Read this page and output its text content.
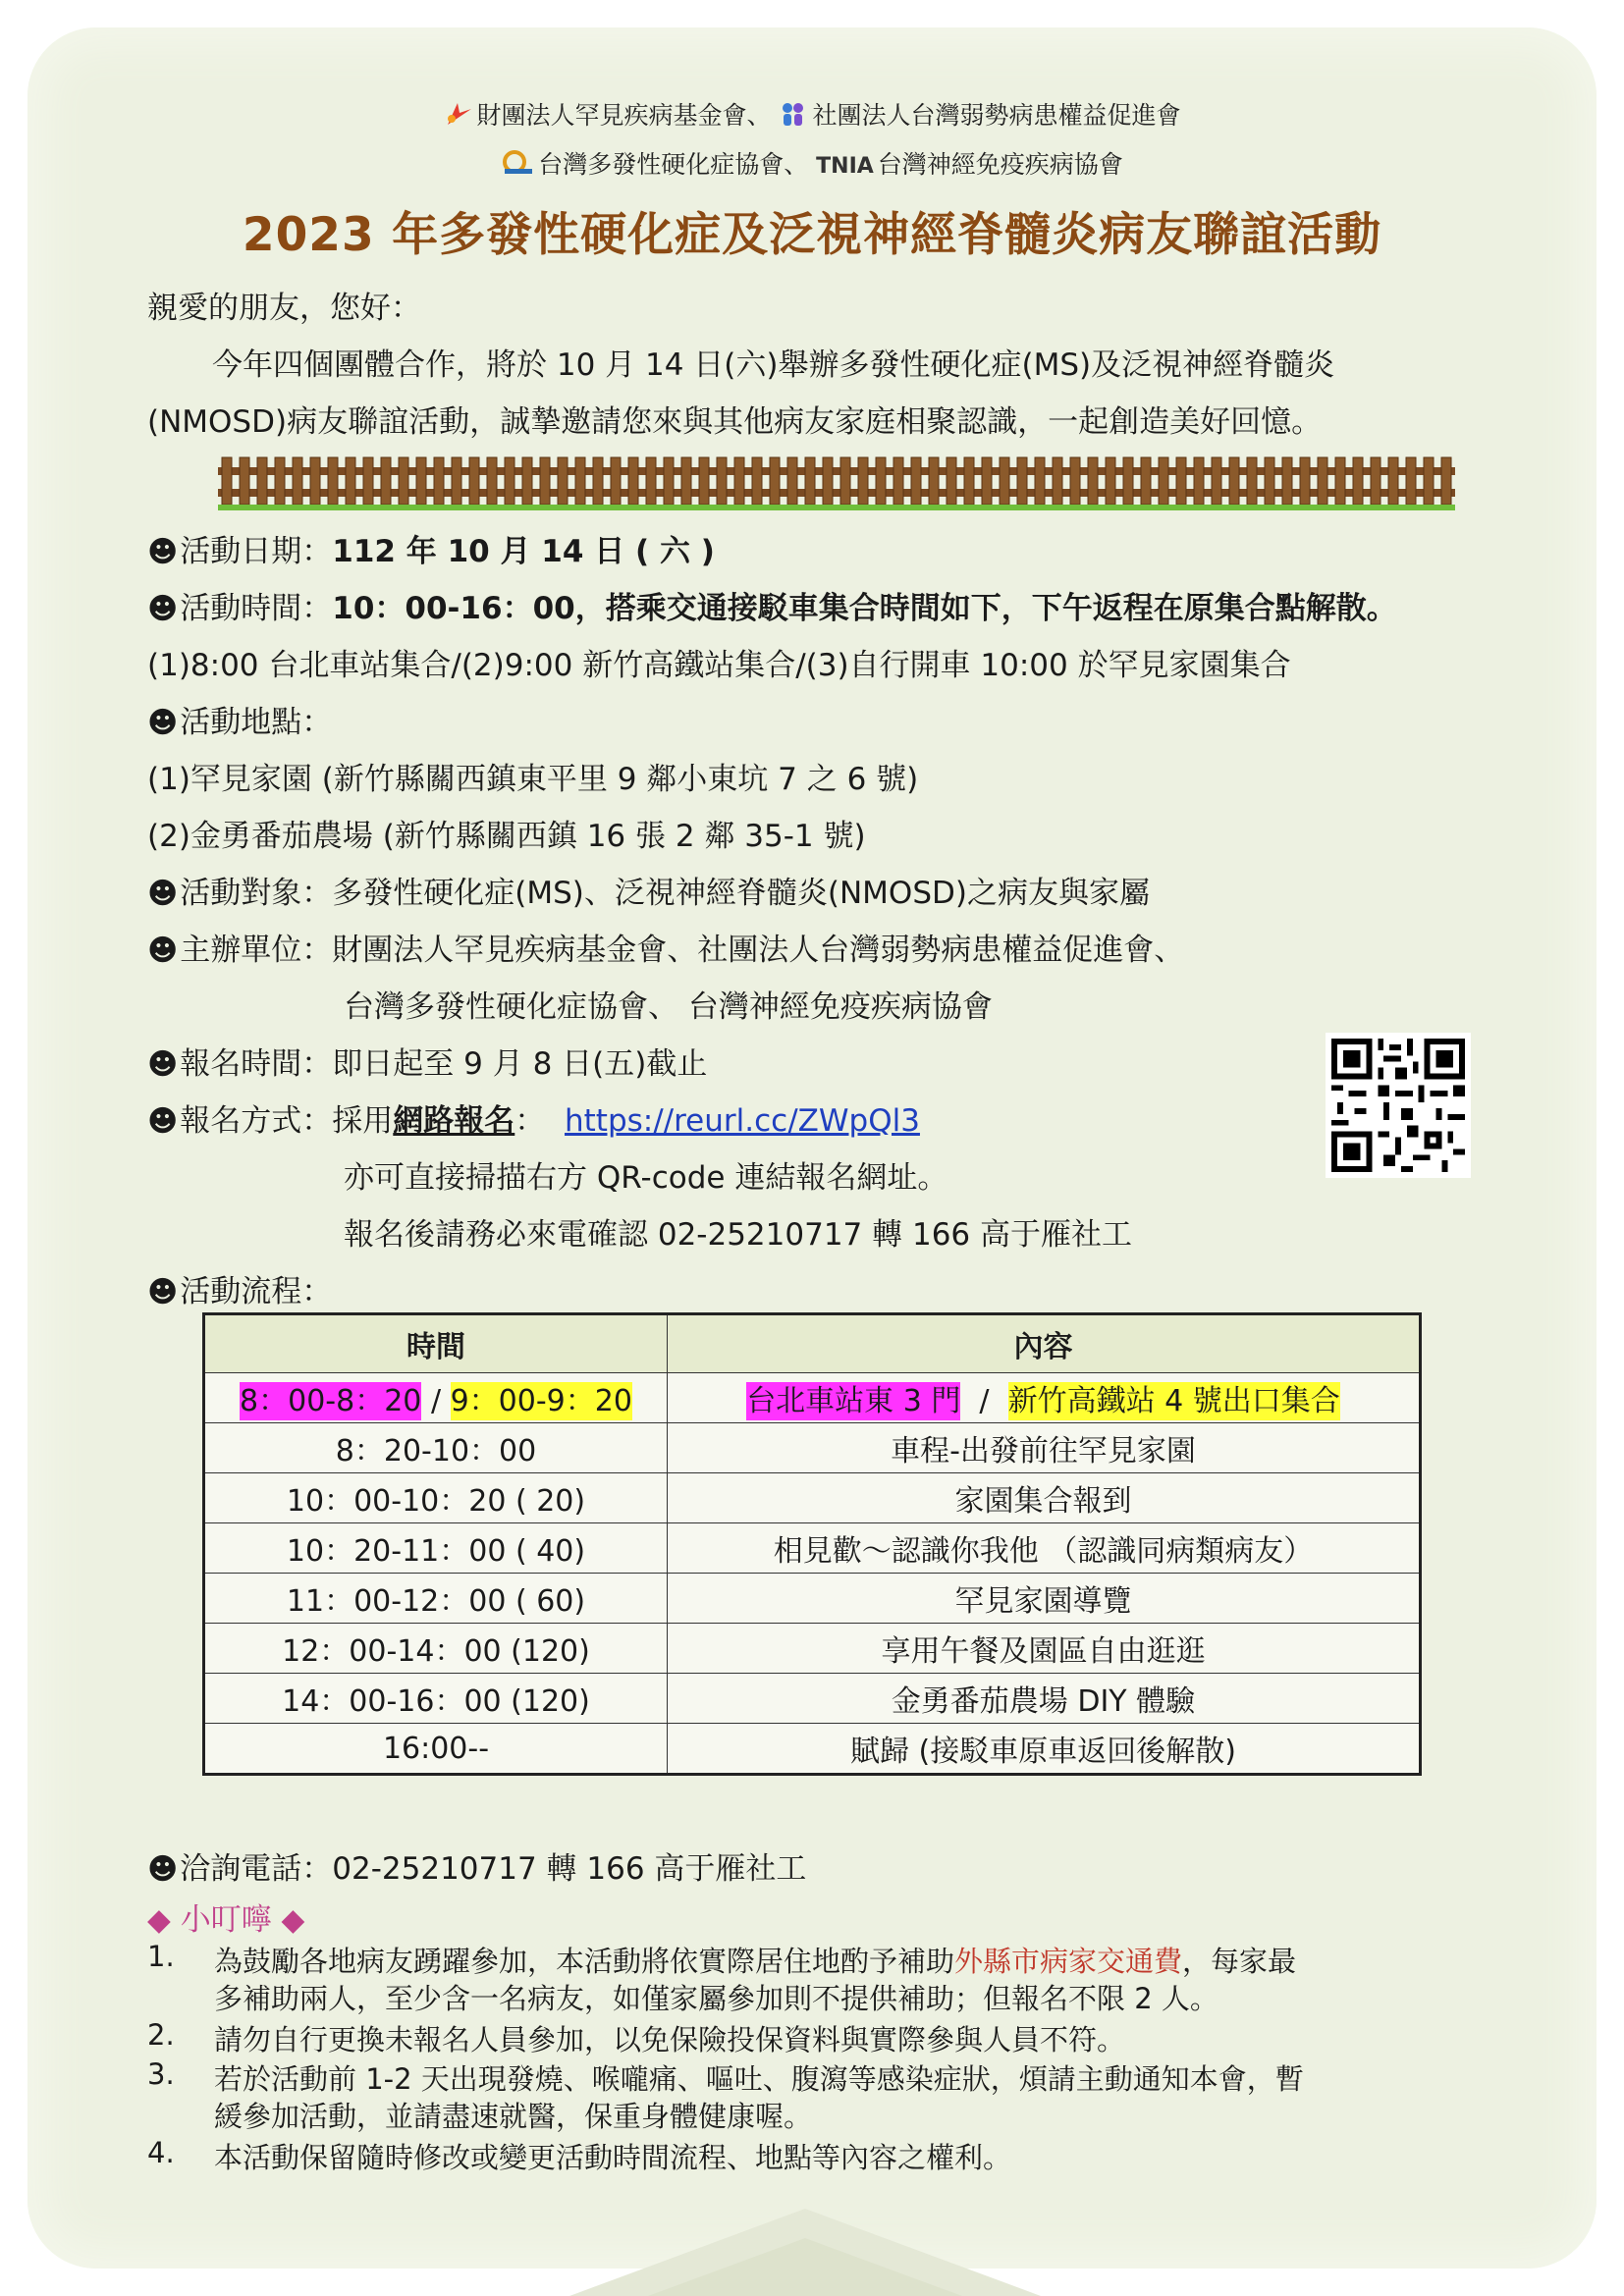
財團法人罕見疾病基金會、 社團法人台灣弱勢病患權益促進會
台灣多發性硬化症協會、 TNIA 台灣神經免疫疾病協會
2023 年多發性硬化症及泛視神經脊髓炎病友聯誼活動
親愛的朋友，您好：
今年四個團體合作，將於 10 月 14 日(六)舉辦多發性硬化症(MS)及泛視神經脊髓炎
(NMOSD)病友聯誼活動，誠摯邀請您來與其他病友家庭相聚認識，一起創造美好回憶。
☻活動日期：112 年 10 月 14 日 ( 六 )
☻活動時間：10：00-16：00，搭乘交通接駁車集合時間如下，下午返程在原集合點解散。
(1)8:00 台北車站集合/(2)9:00 新竹高鐵站集合/(3)自行開車 10:00 於罕見家園集合
☻活動地點：
(1)罕見家園 (新竹縣關西鎮東平里 9 鄰小東坑 7 之 6 號)
(2)金勇番茄農場 (新竹縣關西鎮 16 張 2 鄰 35-1 號)
☻活動對象：多發性硬化症(MS)、泛視神經脊髓炎(NMOSD)之病友與家屬
☻主辦單位：財團法人罕見疾病基金會、社團法人台灣弱勢病患權益促進會、
台灣多發性硬化症協會、 台灣神經免疫疾病協會
☻報名時間：即日起至 9 月 8 日(五)截止
☻報名方式：採用網路報名： https://reurl.cc/ZWpQl3
亦可直接掃描右方 QR-code 連結報名網址。
報名後請務必來電確認 02-25210717 轉 166 高于雁社工
☻活動流程：
時間	內容
8：00-8：20 / 9：00-9：20	台北車站東 3 門  /  新竹高鐵站 4 號出口集合
8：20-10：00	車程-出發前往罕見家園
10：00-10：20 ( 20)	家園集合報到
10：20-11：00 ( 40)	相見歡～認識你我他 （認識同病類病友）
11：00-12：00 ( 60)	罕見家園導覽
12：00-14：00 (120)	享用午餐及園區自由逛逛
14：00-16：00 (120)	金勇番茄農場 DIY 體驗
16:00--	賦歸 (接駁車原車返回後解散)
☻洽詢電話：02-25210717 轉 166 高于雁社工
◆ 小叮嚀 ◆
1. 為鼓勵各地病友踴躍參加，本活動將依實際居住地酌予補助外縣市病家交通費，每家最
多補助兩人，至少含一名病友，如僅家屬參加則不提供補助；但報名不限 2 人。
2. 請勿自行更換未報名人員參加，以免保險投保資料與實際參與人員不符。
3. 若於活動前 1-2 天出現發燒、喉嚨痛、嘔吐、腹瀉等感染症狀，煩請主動通知本會，暫
緩參加活動，並請盡速就醫，保重身體健康喔。
4. 本活動保留隨時修改或變更活動時間流程、地點等內容之權利。
